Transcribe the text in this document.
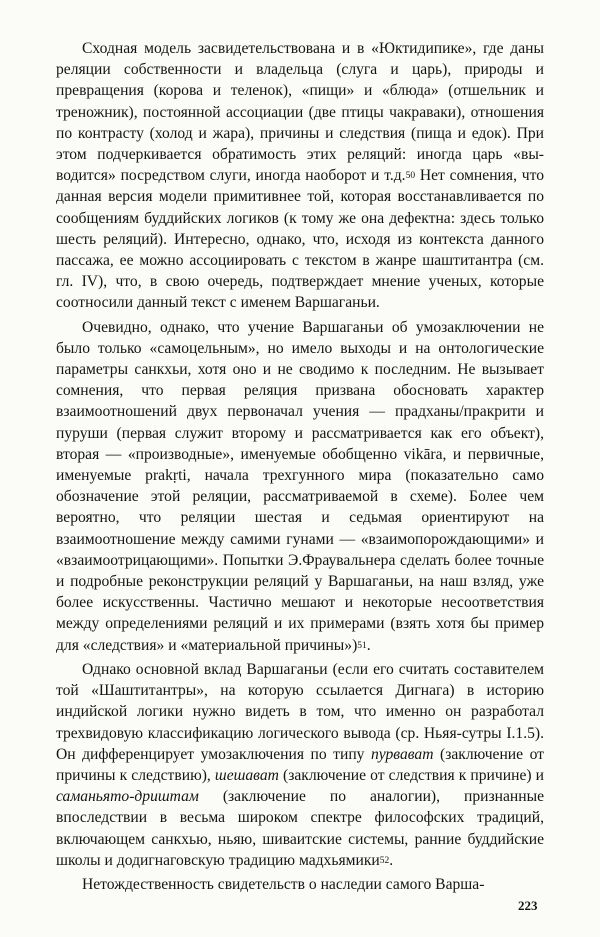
Сходная модель засвидетельствована и в «Юктидипике», где даны реляции собственности и владельца (слуга и царь), природы и превращения (корова и теленок), «пищи» и «блюда» (отшельник и треножник), постоянной ассоциации (две птицы чакраваки), отношения по контрасту (холод и жара), причины и следствия (пища и едок). При этом подчеркивается обратимость этих реляций: иногда царь «выводится» посредством слуги, иногда наоборот и т.д.$^{50}$ Нет сомнения, что данная версия модели примитивнее той, которая восстанавливается по сообщениям буддийских логиков (к тому же она дефектна: здесь только шесть реляций). Интересно, однако, что, исходя из контекста данного пассажа, ее можно ассоциировать с текстом в жанре шаштитантра (см. гл. IV), что, в свою очередь, подтверждает мнение ученых, которые соотносили данный текст с именем Варшаганьи.

Очевидно, однако, что учение Варшаганьи об умозаключении не было только «самоцельным», но имело выходы и на онтологические параметры санкхьи, хотя оно и не сводимо к последним. Не вызывает сомнения, что первая реляция призвана обосновать характер взаимоотношений двух первоначал учения — прадханы/пракрити и пуруши (первая служит второму и рассматривается как его объект), вторая — «производные», именуемые обобщенно vikāra, и первичные, именуемые prakṛti, начала трехгунного мира (показательно само обозначение этой реляции, рассматриваемой в схеме). Более чем вероятно, что реляции шестая и седьмая ориентируют на взаимоотношение между самими гунами — «взаимопорождающими» и «взаимоотрицающими». Попытки Э.Фраувальнера сделать более точные и подробные реконструкции реляций у Варшаганьи, на наш взляд, уже более искусственны. Частично мешают и некоторые несоответствия между определениями реляций и их примерами (взять хотя бы пример для «следствия» и «материальной причины»)$^{51}$.

Однако основной вклад Варшаганьи (если его считать составителем той «Шаштитантры», на которую ссылается Дигнага) в историю индийской логики нужно видеть в том, что именно он разработал трехвидовую классификацию логического вывода (ср. Ньяя-сутры I.1.5). Он дифференцирует умозаключения по типу пурвават (заключение от причины к следствию), шешават (заключение от следствия к причине) и саманьято-дриштам (заключение по аналогии), признанные впоследствии в весьма широком спектре философских традиций, включающем санкхью, ньяю, шиваитские системы, ранние буддийские школы и додигнаговскую традицию мадхьямики$^{52}$.

Нетождественность свидетельств о наследии самого Варша-

223
